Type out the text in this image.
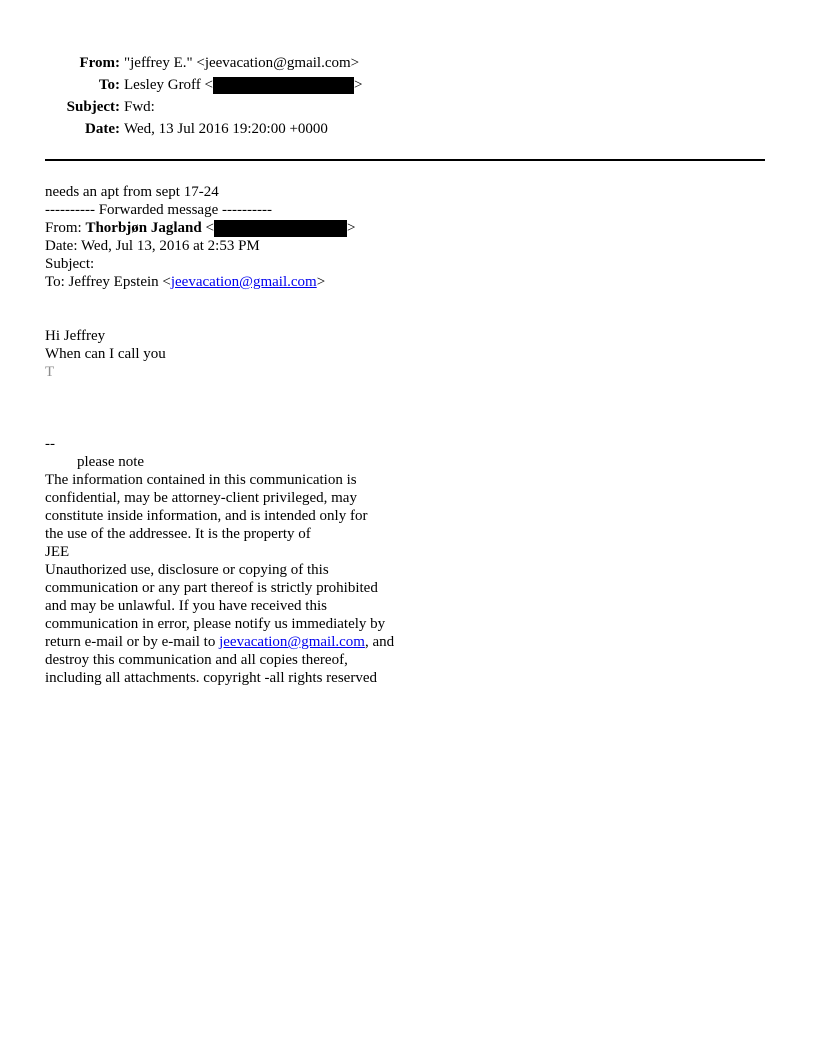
From: "jeffrey E." <jeevacation@gmail.com>
To: Lesley Groff <	>
Subject: Fwd:
Date: Wed, 13 Jul 2016 19:20:00 +0000
needs an apt from sept 17-24
---------- Forwarded message ----------
From: Thorbjøn Jagland <	>
Date: Wed, Jul 13, 2016 at 2:53 PM
Subject:
To: Jeffrey Epstein <jeevacation@gmail.com>
Hi Jeffrey
When can I call you
T
--
please note
The information contained in this communication is
confidential, may be attorney-client privileged, may
constitute inside information, and is intended only for
the use of the addressee. It is the property of
JEE
Unauthorized use, disclosure or copying of this
communication or any part thereof is strictly prohibited
and may be unlawful. If you have received this
communication in error, please notify us immediately by
return e-mail or by e-mail to jeevacation@gmail.com, and
destroy this communication and all copies thereof,
including all attachments. copyright -all rights reserved
